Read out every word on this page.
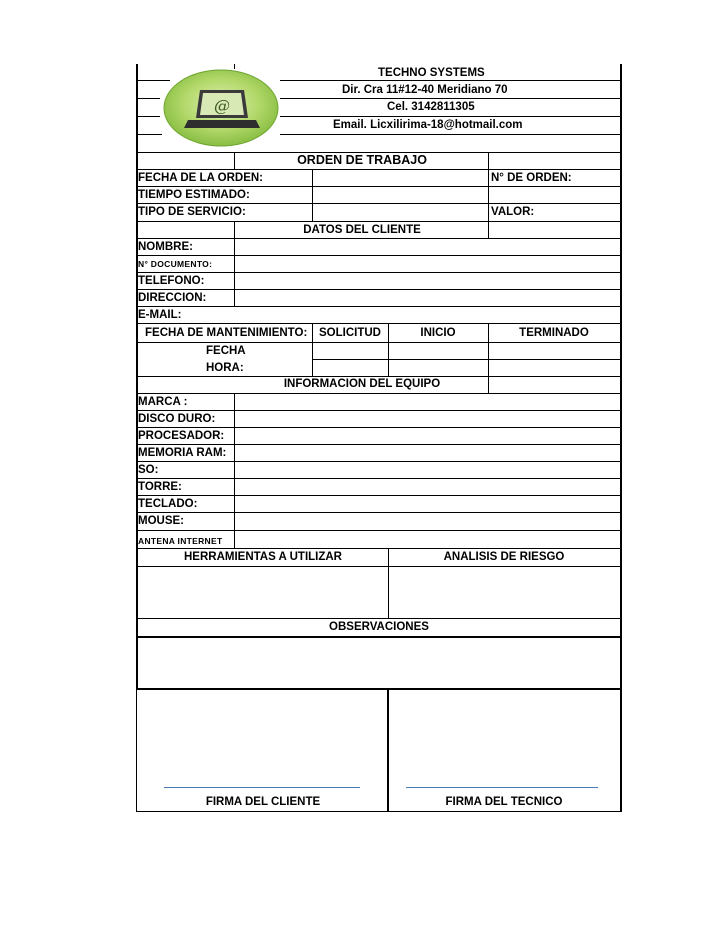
@
TECHNO SYSTEMS
Dir. Cra 11#12-40 Meridiano 70
Cel. 3142811305
Email. Licxilirima-18@hotmail.com
ORDEN DE TRABAJO
FECHA DE LA ORDEN:	N° DE ORDEN:
TIEMPO ESTIMADO:
TIPO DE SERVICIO:	VALOR:
DATOS DEL CLIENTE
NOMBRE:
N° DOCUMENTO:
TELEFONO:
DIRECCION:
E-MAIL:
FECHA DE MANTENIMIENTO:	SOLICITUD	INICIO	TERMINADO
FECHA
HORA:
INFORMACION DEL EQUIPO
MARCA :
DISCO DURO:
PROCESADOR:
MEMORIA RAM:
SO:
TORRE:
TECLADO:
MOUSE:
ANTENA INTERNET
HERRAMIENTAS A UTILIZAR	ANALISIS DE RIESGO
OBSERVACIONES
FIRMA DEL CLIENTE	FIRMA DEL TECNICO
